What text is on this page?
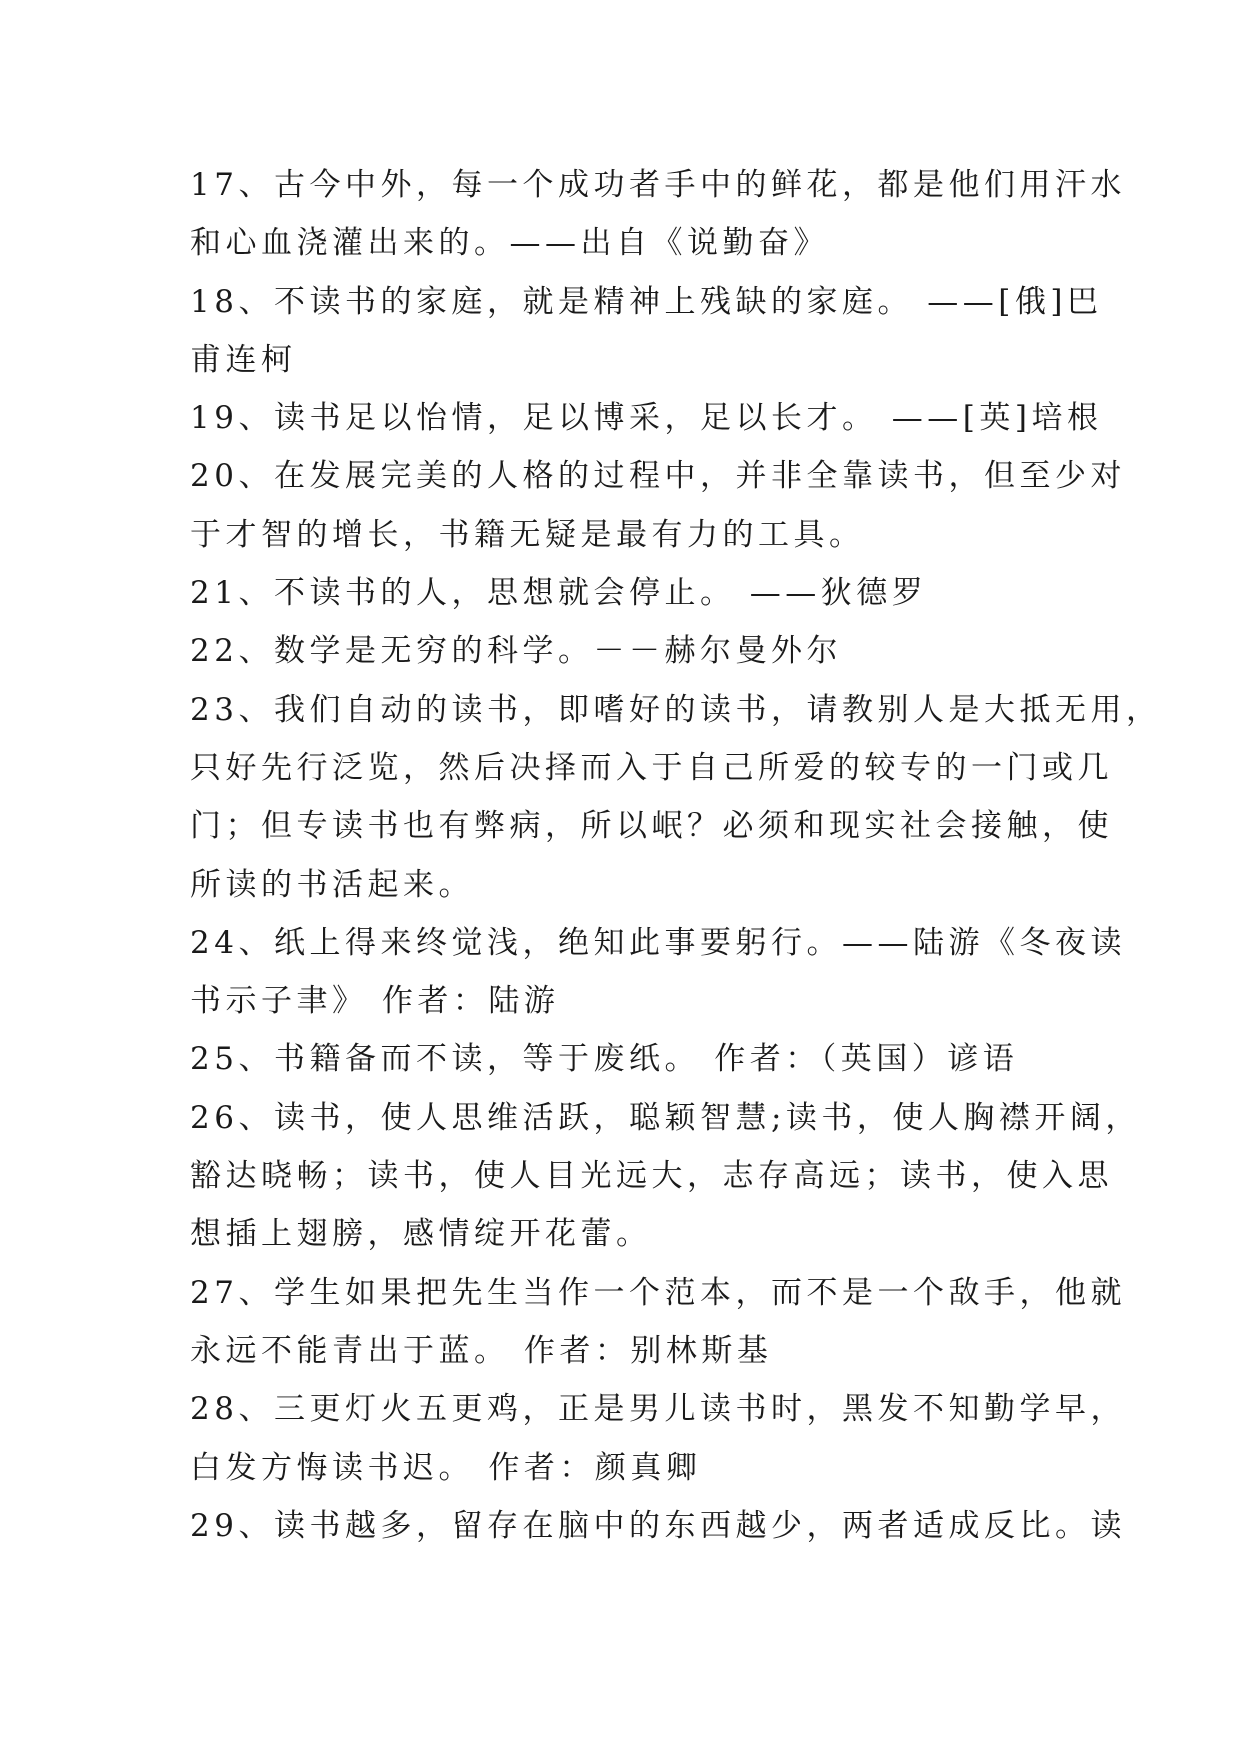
17、古今中外，每一个成功者手中的鲜花，都是他们用汗水
和心血浇灌出来的。——出自《说勤奋》
18、不读书的家庭，就是精神上残缺的家庭。 ——[俄]巴
甫连柯
19、读书足以怡情，足以博采，足以长才。 ——[英]培根
20、在发展完美的人格的过程中，并非全靠读书，但至少对
于才智的增长，书籍无疑是最有力的工具。
21、不读书的人，思想就会停止。 ——狄德罗
22、数学是无穷的科学。－－赫尔曼外尔
23、我们自动的读书，即嗜好的读书，请教别人是大抵无用，
只好先行泛览，然后决择而入于自己所爱的较专的一门或几
门；但专读书也有弊病，所以岷？必须和现实社会接触，使
所读的书活起来。
24、纸上得来终觉浅，绝知此事要躬行。——陆游《冬夜读
书示子聿》 作者：陆游
25、书籍备而不读，等于废纸。 作者：（英国）谚语
26、读书，使人思维活跃，聪颖智慧;读书，使人胸襟开阔，
豁达晓畅；读书，使人目光远大，志存高远；读书，使入思
想插上翅膀，感情绽开花蕾。
27、学生如果把先生当作一个范本，而不是一个敌手，他就
永远不能青出于蓝。 作者：别林斯基
28、三更灯火五更鸡，正是男儿读书时，黑发不知勤学早，
白发方悔读书迟。 作者：颜真卿
29、读书越多，留存在脑中的东西越少，两者适成反比。读
